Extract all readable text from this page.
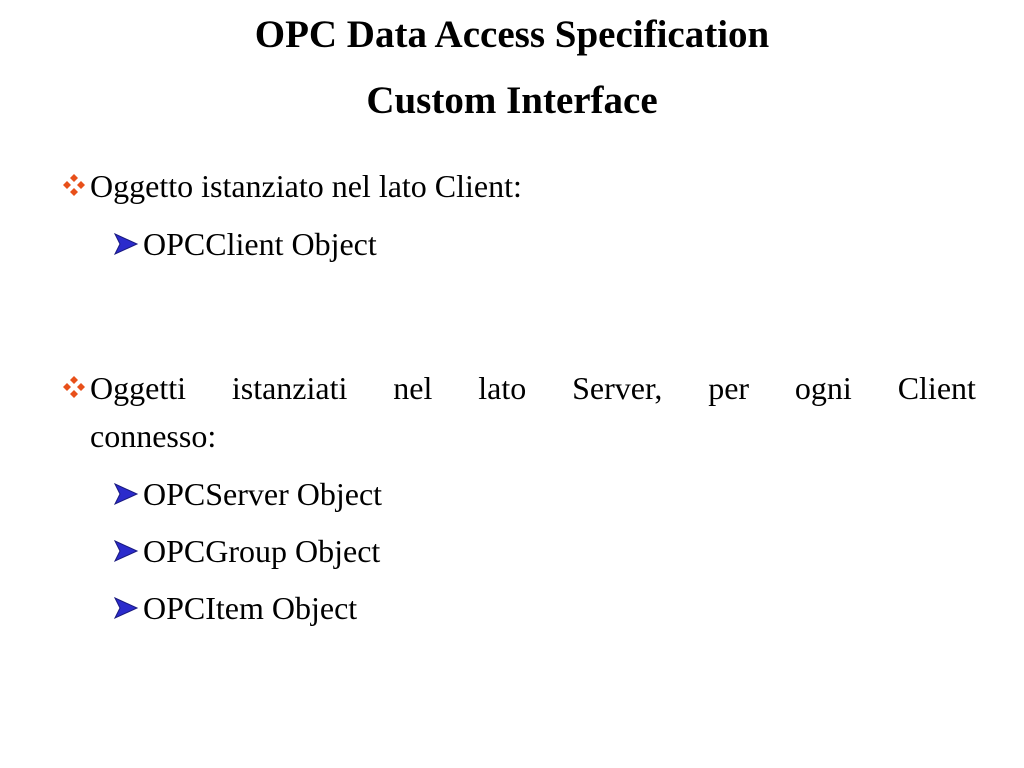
OPC Data Access Specification
Custom Interface
Oggetto istanziato nel lato Client:
OPCClient Object
Oggetti istanziati nel lato Server, per ogni Client
connesso:
OPCServer Object
OPCGroup Object
OPCItem Object
